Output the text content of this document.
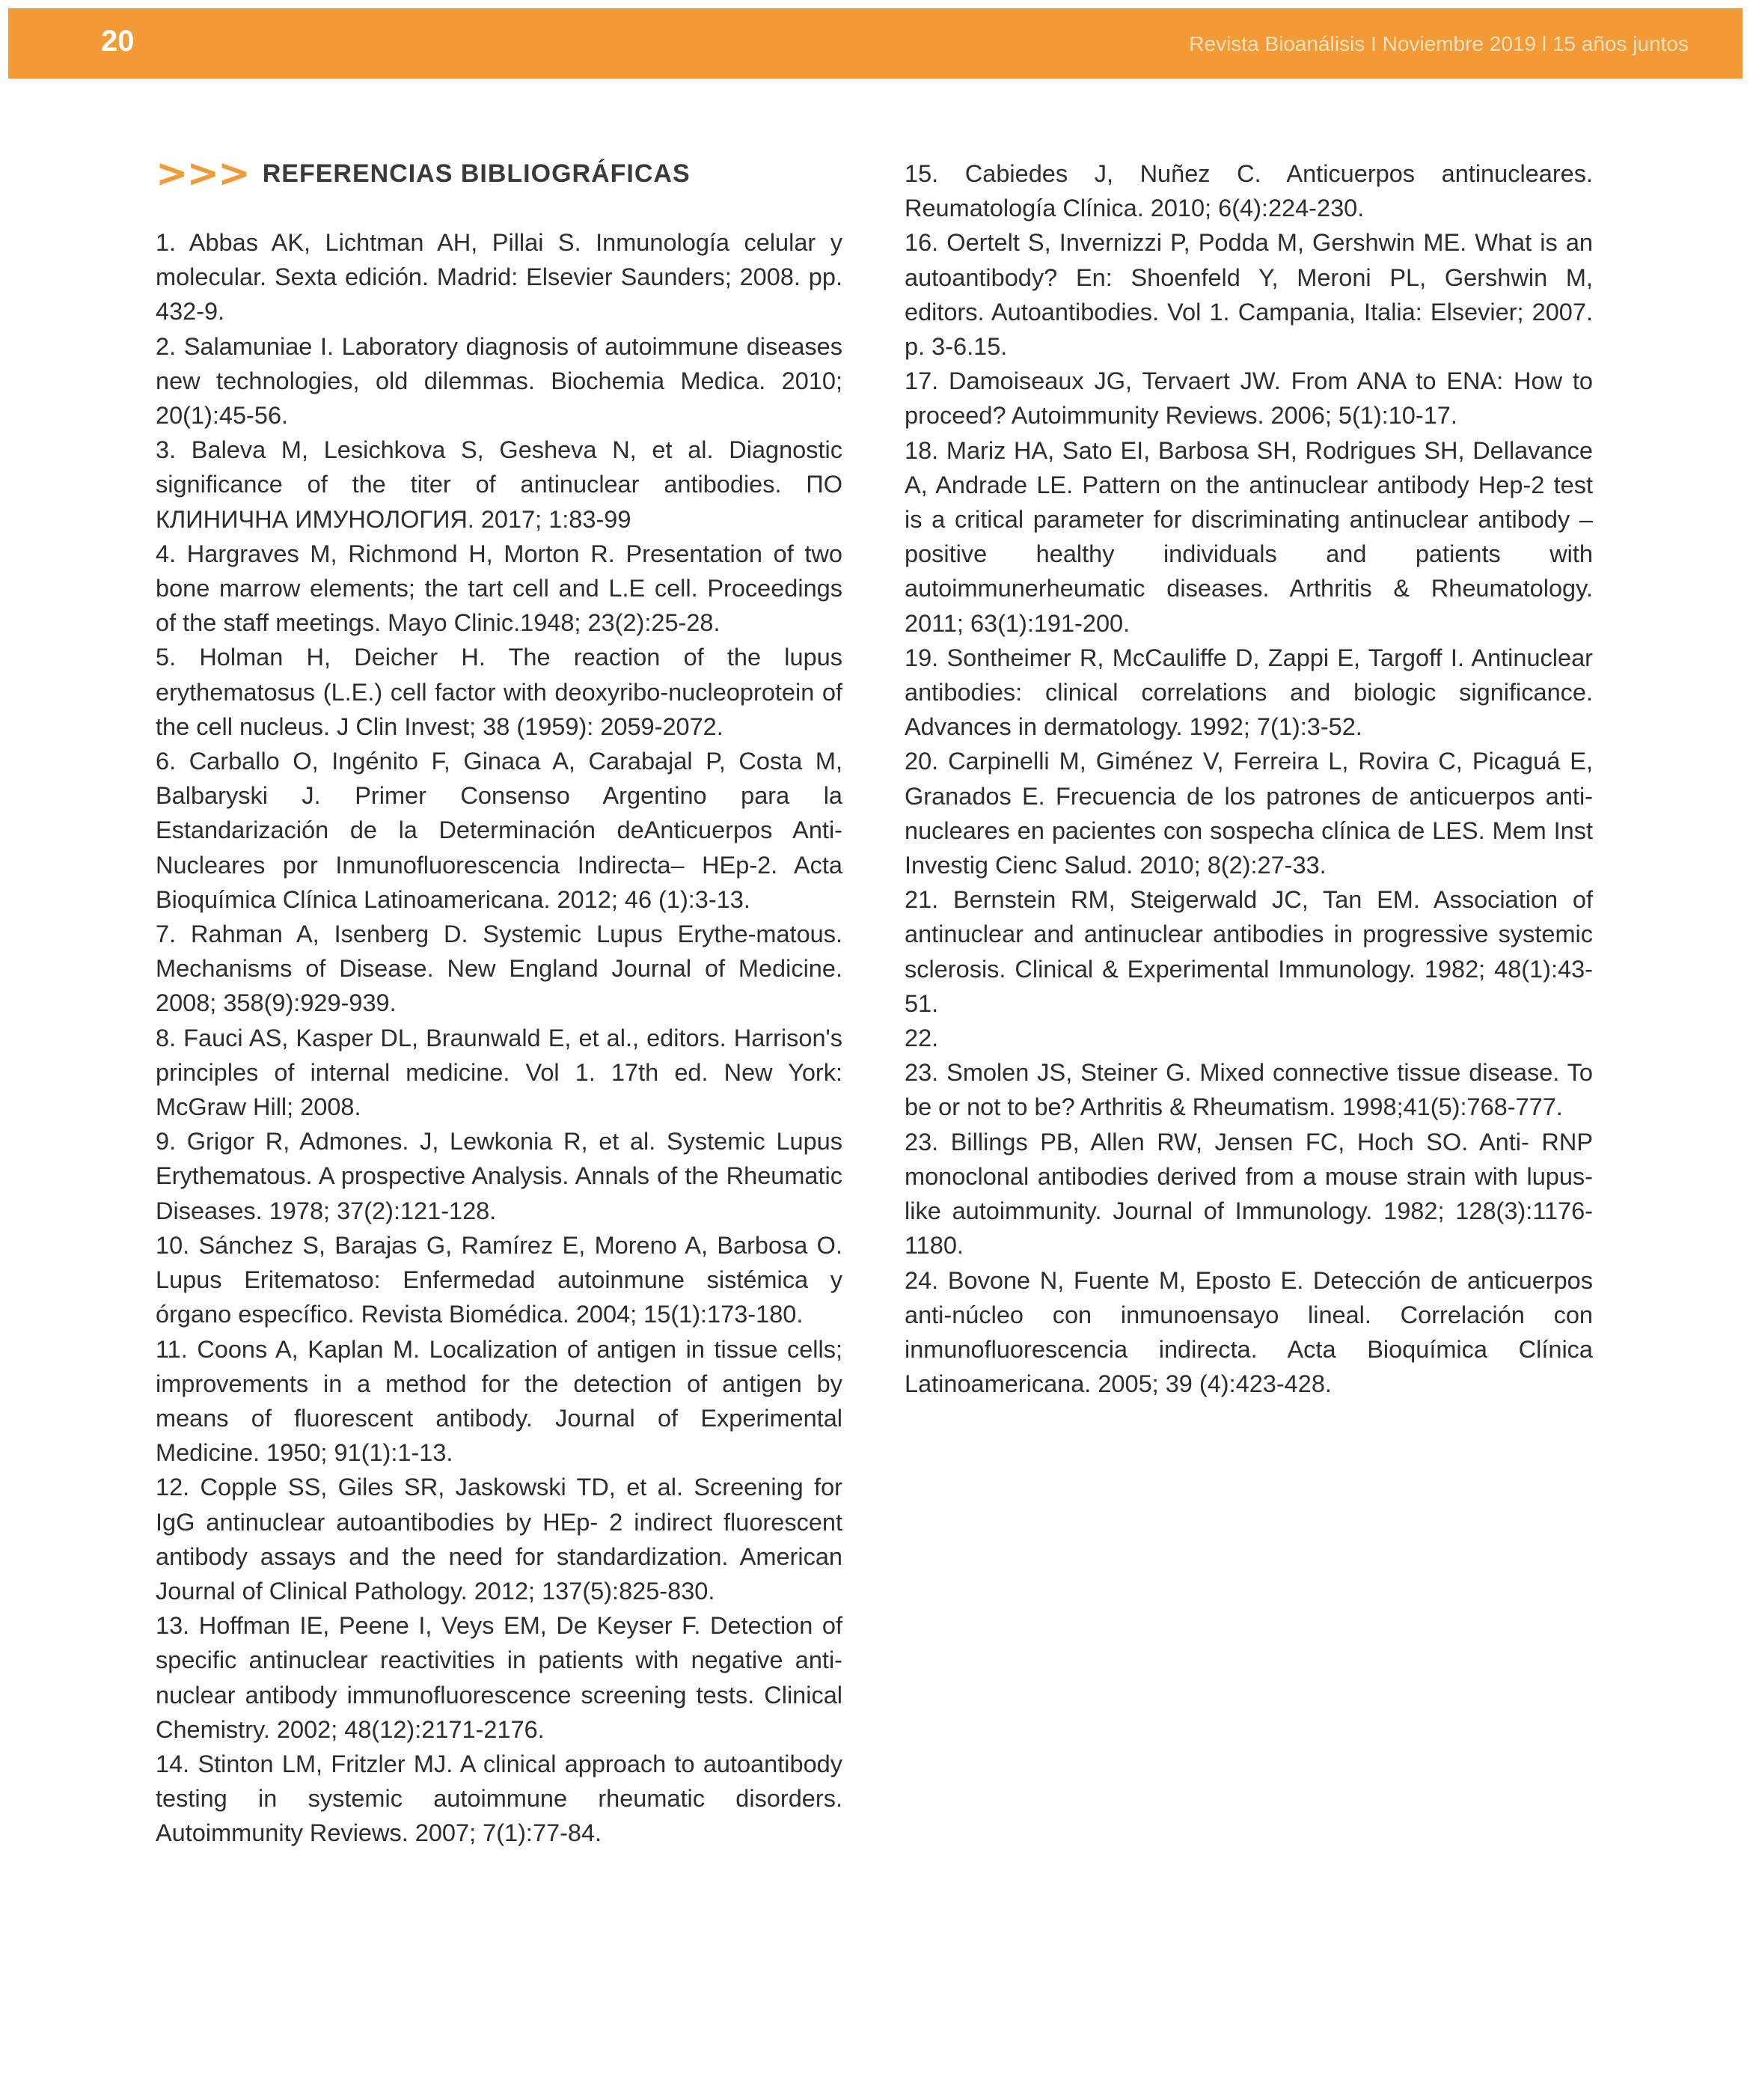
20	Revista Bioanálisis I Noviembre 2019 l 15 años juntos
>>> REFERENCIAS BIBLIOGRÁFICAS

1. Abbas AK, Lichtman AH, Pillai S. Inmunología celular y molecular. Sexta edición. Madrid: Elsevier Saunders; 2008. pp. 432-9.

2. Salamuniae I. Laboratory diagnosis of autoimmune diseases new technologies, old dilemmas. Biochemia Medica. 2010; 20(1):45-56.

3. Baleva M, Lesichkova S, Gesheva N, et al. Diagnostic significance of the titer of antinuclear antibodies. ПО КЛИНИЧНА ИМУНОЛОГИЯ. 2017; 1:83-99

4. Hargraves M, Richmond H, Morton R. Presentation of two bone marrow elements; the tart cell and L.E cell. Proceedings of the staff meetings. Mayo Clinic.1948; 23(2):25-28.

5. Holman H, Deicher H. The reaction of the lupus erythematosus (L.E.) cell factor with deoxyribo-nucleoprotein of the cell nucleus. J Clin Invest; 38 (1959): 2059-2072.

6. Carballo O, Ingénito F, Ginaca A, Carabajal P, Costa M, Balbaryski J. Primer Consenso Argentino para la Estandarización de la Determinación deAnticuerpos Anti-Nucleares por Inmunofluorescencia Indirecta– HEp-2. Acta Bioquímica Clínica Latinoamericana. 2012; 46 (1):3-13.

7. Rahman A, Isenberg D. Systemic Lupus Erythe-matous. Mechanisms of Disease. New England Journal of Medicine. 2008; 358(9):929-939.

8. Fauci AS, Kasper DL, Braunwald E, et al., editors. Harrison's principles of internal medicine. Vol 1. 17th ed. New York: McGraw Hill; 2008.

9. Grigor R, Admones. J, Lewkonia R, et al. Systemic Lupus Erythematous. A prospective Analysis. Annals of the Rheumatic Diseases. 1978; 37(2):121-128.

10. Sánchez S, Barajas G, Ramírez E, Moreno A, Barbosa O. Lupus Eritematoso: Enfermedad autoinmune sistémica y órgano específico. Revista Biomédica. 2004; 15(1):173-180.

11. Coons A, Kaplan M. Localization of antigen in tissue cells; improvements in a method for the detection of antigen by means of fluorescent antibody. Journal of Experimental Medicine. 1950; 91(1):1-13.

12. Copple SS, Giles SR, Jaskowski TD, et al. Screening for IgG antinuclear autoantibodies by HEp- 2 indirect fluorescent antibody assays and the need for standardization. American Journal of Clinical Pathology. 2012; 137(5):825-830.

13. Hoffman IE, Peene I, Veys EM, De Keyser F. Detection of specific antinuclear reactivities in patients with negative anti-nuclear antibody immunofluorescence screening tests. Clinical Chemistry. 2002; 48(12):2171-2176.

14. Stinton LM, Fritzler MJ. A clinical approach to autoantibody testing in systemic autoimmune rheumatic disorders. Autoimmunity Reviews. 2007; 7(1):77-84.

15. Cabiedes J, Nuñez C. Anticuerpos antinucleares. Reumatología Clínica. 2010; 6(4):224-230.

16. Oertelt S, Invernizzi P, Podda M, Gershwin ME. What is an autoantibody? En: Shoenfeld Y, Meroni PL, Gershwin M, editors. Autoantibodies. Vol 1. Campania, Italia: Elsevier; 2007. p. 3-6.15.

17. Damoiseaux JG, Tervaert JW. From ANA to ENA: How to proceed? Autoimmunity Reviews. 2006; 5(1):10-17.

18. Mariz HA, Sato EI, Barbosa SH, Rodrigues SH, Dellavance A, Andrade LE. Pattern on the antinuclear antibody Hep-2 test is a critical parameter for discriminating antinuclear antibody –positive healthy individuals and patients with autoimmunerheumatic diseases. Arthritis & Rheumatology. 2011; 63(1):191-200.

19. Sontheimer R, McCauliffe D, Zappi E, Targoff I. Antinuclear antibodies: clinical correlations and biologic significance. Advances in dermatology. 1992; 7(1):3-52.

20. Carpinelli M, Giménez V, Ferreira L, Rovira C, Picaguá E, Granados E. Frecuencia de los patrones de anticuerpos anti-nucleares en pacientes con sospecha clínica de LES. Mem Inst Investig Cienc Salud. 2010; 8(2):27-33.

21. Bernstein RM, Steigerwald JC, Tan EM. Association of antinuclear and antinuclear antibodies in progressive systemic sclerosis. Clinical & Experimental Immunology. 1982; 48(1):43-51.

22.

23. Smolen JS, Steiner G. Mixed connective tissue disease. To be or not to be? Arthritis & Rheumatism. 1998;41(5):768-777.

23. Billings PB, Allen RW, Jensen FC, Hoch SO. Anti- RNP monoclonal antibodies derived from a mouse strain with lupus-like autoimmunity. Journal of Immunology. 1982; 128(3):1176-1180.

24. Bovone N, Fuente M, Eposto E. Detección de anticuerpos anti-núcleo con inmunoensayo lineal. Correlación con inmunofluorescencia indirecta. Acta Bioquímica Clínica Latinoamericana. 2005; 39 (4):423-428.
